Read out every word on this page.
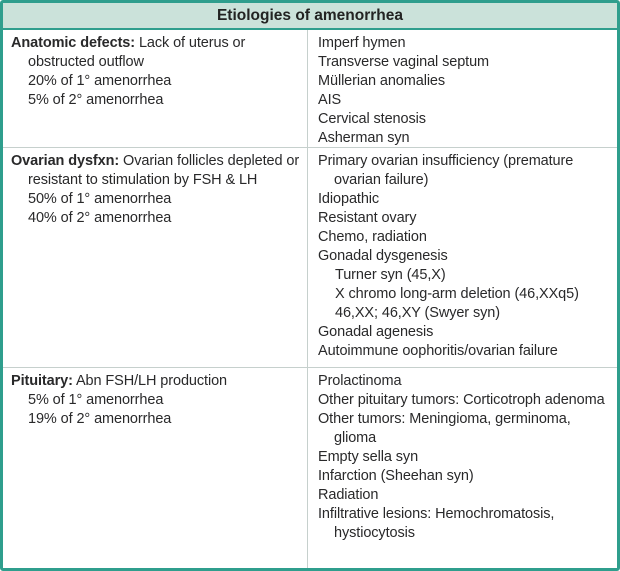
Etiologies of amenorrhea
Anatomic defects: Lack of uterus or obstructed outflow
20% of 1° amenorrhea
5% of 2° amenorrhea
Imperf hymen
Transverse vaginal septum
Müllerian anomalies
AIS
Cervical stenosis
Asherman syn
Ovarian dysfxn: Ovarian follicles depleted or resistant to stimulation by FSH & LH
50% of 1° amenorrhea
40% of 2° amenorrhea
Primary ovarian insufficiency (premature ovarian failure)
Idiopathic
Resistant ovary
Chemo, radiation
Gonadal dysgenesis
Turner syn (45,X)
X chromo long-arm deletion (46,XXq5)
46,XX; 46,XY (Swyer syn)
Gonadal agenesis
Autoimmune oophoritis/ovarian failure
Pituitary: Abn FSH/LH production
5% of 1° amenorrhea
19% of 2° amenorrhea
Prolactinoma
Other pituitary tumors: Corticotroph adenoma
Other tumors: Meningioma, germinoma, glioma
Empty sella syn
Infarction (Sheehan syn)
Radiation
Infiltrative lesions: Hemochromatosis, hystiocytosis
